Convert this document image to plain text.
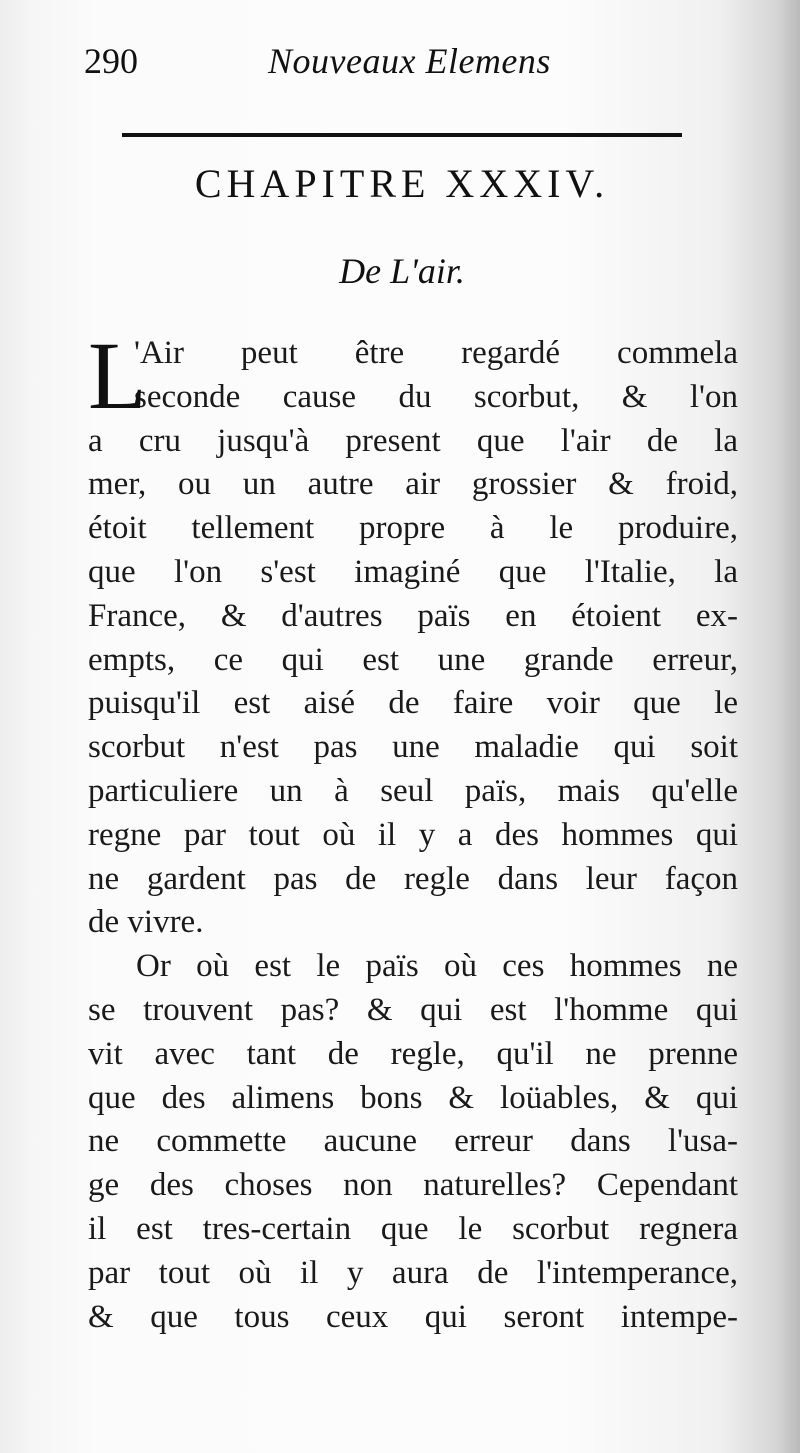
290	Nouveaux Elemens
CHAPITRE XXXIV.
De L'air.
L
'Air peut être regardé commela
seconde cause du scorbut, & l'on
a cru jusqu'à present que l'air de la
mer, ou un autre air grossier & froid,
étoit tellement propre à le produire,
que l'on s'est imaginé que l'Italie, la
France, & d'autres païs en étoient ex-
empts, ce qui est une grande erreur,
puisqu'il est aisé de faire voir que le
scorbut n'est pas une maladie qui soit
particuliere un à seul païs, mais qu'elle
regne par tout où il y a des hommes qui
ne gardent pas de regle dans leur façon
de vivre.
Or où est le païs où ces hommes ne
se trouvent pas? & qui est l'homme qui
vit avec tant de regle, qu'il ne prenne
que des alimens bons & loüables, & qui
ne commette aucune erreur dans l'usa-
ge des choses non naturelles? Cependant
il est tres-certain que le scorbut regnera
par tout où il y aura de l'intemperance,
& que tous ceux qui seront intempe-
